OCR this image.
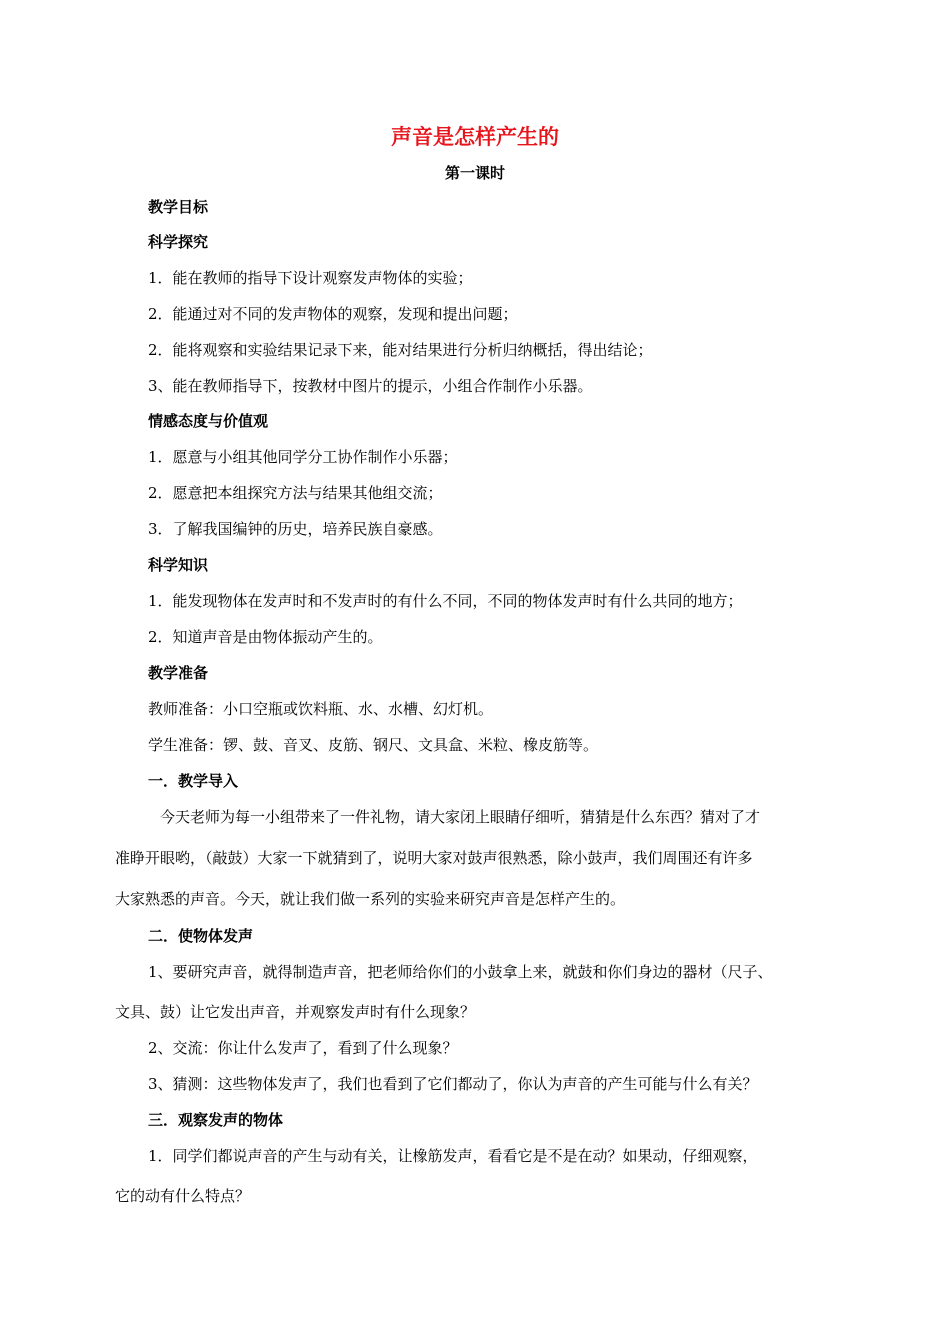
声音是怎样产生的
第一课时
教学目标
科学探究
1．能在教师的指导下设计观察发声物体的实验；
2．能通过对不同的发声物体的观察，发现和提出问题；
2．能将观察和实验结果记录下来，能对结果进行分析归纳概括，得出结论；
3、能在教师指导下，按教材中图片的提示，小组合作制作小乐器。
情感态度与价值观
1．愿意与小组其他同学分工协作制作小乐器；
2．愿意把本组探究方法与结果其他组交流；
3．了解我国编钟的历史，培养民族自豪感。
科学知识
1．能发现物体在发声时和不发声时的有什么不同，不同的物体发声时有什么共同的地方；
2．知道声音是由物体振动产生的。
教学准备
教师准备：小口空瓶或饮料瓶、水、水槽、幻灯机。
学生准备：锣、鼓、音叉、皮筋、钢尺、文具盒、米粒、橡皮筋等。
一．教学导入
今天老师为每一小组带来了一件礼物，请大家闭上眼睛仔细听，猜猜是什么东西？猜对了才
准睁开眼哟，（敲鼓）大家一下就猜到了，说明大家对鼓声很熟悉，除小鼓声，我们周围还有许多
大家熟悉的声音。今天，就让我们做一系列的实验来研究声音是怎样产生的。
二．使物体发声
1、要研究声音，就得制造声音，把老师给你们的小鼓拿上来，就鼓和你们身边的器材（尺子、
文具、鼓）让它发出声音，并观察发声时有什么现象？
2、交流：你让什么发声了，看到了什么现象？
3、猜测：这些物体发声了，我们也看到了它们都动了，你认为声音的产生可能与什么有关？
三．观察发声的物体
1．同学们都说声音的产生与动有关，让橡筋发声，看看它是不是在动？如果动，仔细观察，
它的动有什么特点？
